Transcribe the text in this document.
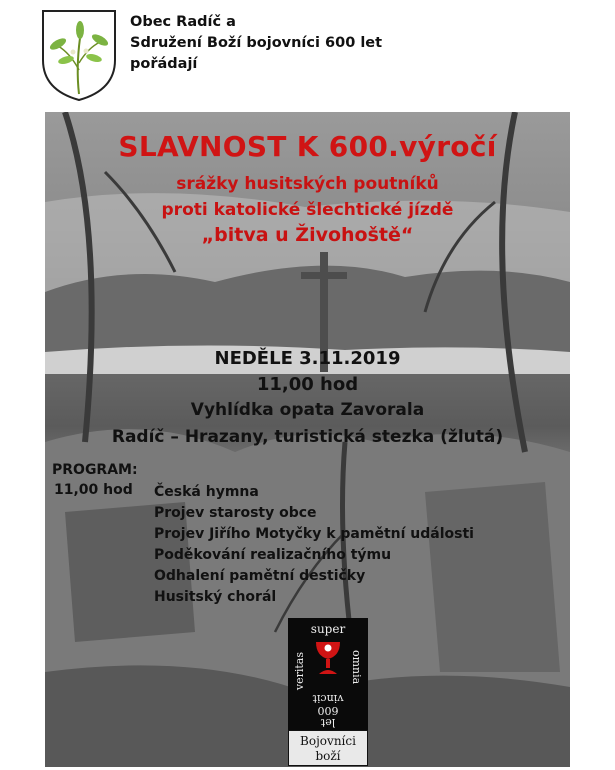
Obec Radíč a
Sdružení Boží bojovníci 600 let
pořádají
SLAVNOST K 600.výročí
srážky husitských poutníků
proti katolické šlechtické jízdě
„bitva u Živohoště“
NEDĚLE 3.11.2019
11,00 hod
Vyhlídka opata Zavorala
Radíč – Hrazany, turistická stezka (žlutá)
PROGRAM:
11,00 hod Česká hymna
Projev starosty obce
Projev Jiřího Motyčky k pamětní události
Poděkování realizačního týmu
Odhalení pamětní destičky
Husitský chorál
super
veritas	omnia
let
600
vincit
Bojovníci
boží
